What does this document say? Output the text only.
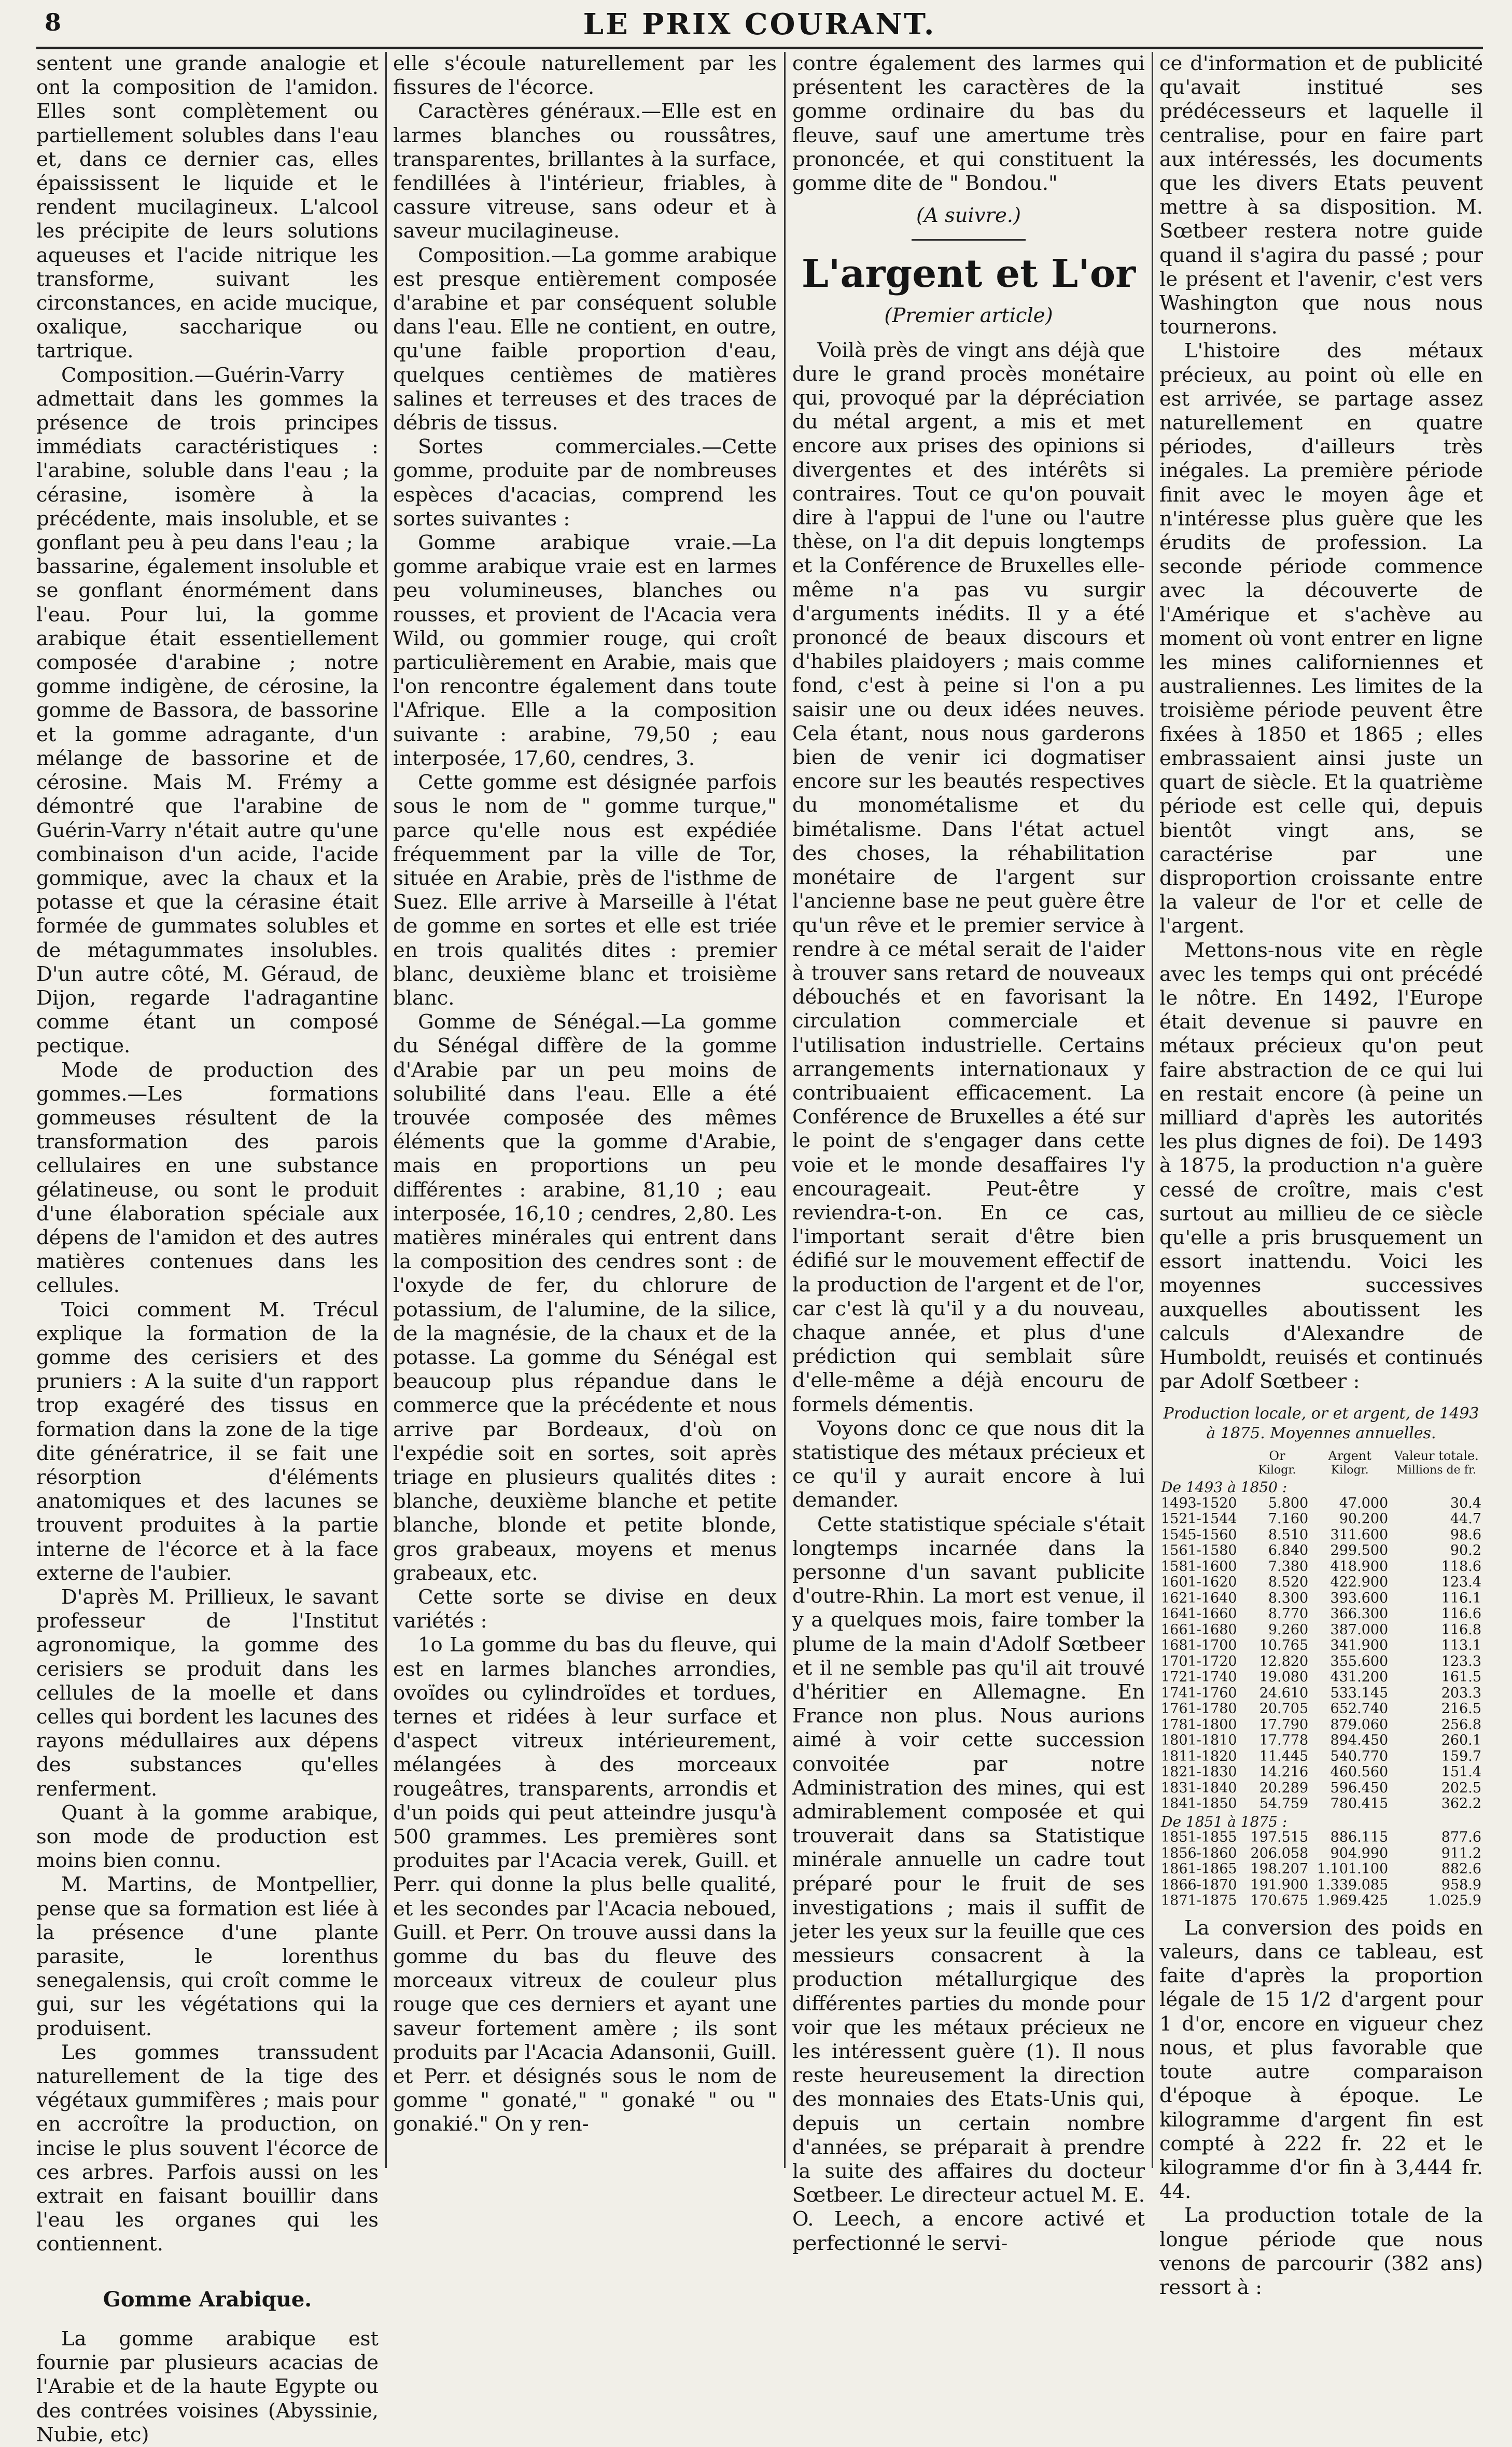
8	LE PRIX COURANT.

sentent une grande analogie et ont la composition de l'amidon. Elles sont complètement ou partiellement solubles dans l'eau et, dans ce dernier cas, elles épaississent le liquide et le rendent mucilagineux. L'alcool les précipite de leurs solutions aqueuses et l'acide nitrique les transforme, suivant les circonstances, en acide mucique, oxalique, saccharique ou tartrique.

Composition.—Guérin-Varry admettait dans les gommes la présence de trois principes immédiats caractéristiques : l'arabine, soluble dans l'eau ; la cérasine, isomère à la précédente, mais insoluble, et se gonflant peu à peu dans l'eau ; la bassarine, également insoluble et se gonflant énormément dans l'eau. Pour lui, la gomme arabique était essentiellement composée d'arabine ; notre gomme indigène, de cérosine, la gomme de Bassora, de bassorine et la gomme adragante, d'un mélange de bassorine et de cérosine. Mais M. Frémy a démontré que l'arabine de Guérin-Varry n'était autre qu'une combinaison d'un acide, l'acide gommique, avec la chaux et la potasse et que la cérasine était formée de gummates solubles et de métagummates insolubles. D'un autre côté, M. Géraud, de Dijon, regarde l'adragantine comme étant un composé pectique.

Mode de production des gommes.—Les formations gommeuses résultent de la transformation des parois cellulaires en une substance gélatineuse, ou sont le produit d'une élaboration spéciale aux dépens de l'amidon et des autres matières contenues dans les cellules.

Toici comment M. Trécul explique la formation de la gomme des cerisiers et des pruniers : A la suite d'un rapport trop exagéré des tissus en formation dans la zone de la tige dite génératrice, il se fait une résorption d'éléments anatomiques et des lacunes se trouvent produites à la partie interne de l'écorce et à la face externe de l'aubier.

D'après M. Prillieux, le savant professeur de l'Institut agronomique, la gomme des cerisiers se produit dans les cellules de la moelle et dans celles qui bordent les lacunes des rayons médullaires aux dépens des substances qu'elles renferment.

Quant à la gomme arabique, son mode de production est moins bien connu.

M. Martins, de Montpellier, pense que sa formation est liée à la présence d'une plante parasite, le lorenthus senegalensis, qui croît comme le gui, sur les végétations qui la produisent.

Les gommes transsudent naturellement de la tige des végétaux gummifères ; mais pour en accroître la production, on incise le plus souvent l'écorce de ces arbres. Parfois aussi on les extrait en faisant bouillir dans l'eau les organes qui les contiennent.

Gomme Arabique.

La gomme arabique est fournie par plusieurs acacias de l'Arabie et de la haute Egypte ou des contrées voisines (Abyssinie, Nubie, etc)

elle s'écoule naturellement par les fissures de l'écorce.

Caractères généraux.—Elle est en larmes blanches ou roussâtres, transparentes, brillantes à la surface, fendillées à l'intérieur, friables, à cassure vitreuse, sans odeur et à saveur mucilagineuse.

Composition.—La gomme arabique est presque entièrement composée d'arabine et par conséquent soluble dans l'eau. Elle ne contient, en outre, qu'une faible proportion d'eau, quelques centièmes de matières salines et terreuses et des traces de débris de tissus.

Sortes commerciales.—Cette gomme, produite par de nombreuses espèces d'acacias, comprend les sortes suivantes :

Gomme arabique vraie.—La gomme arabique vraie est en larmes peu volumineuses, blanches ou rousses, et provient de l'Acacia vera Wild, ou gommier rouge, qui croît particulièrement en Arabie, mais que l'on rencontre également dans toute l'Afrique. Elle a la composition suivante : arabine, 79,50 ; eau interposée, 17,60, cendres, 3.

Cette gomme est désignée parfois sous le nom de " gomme turque," parce qu'elle nous est expédiée fréquemment par la ville de Tor, située en Arabie, près de l'isthme de Suez. Elle arrive à Marseille à l'état de gomme en sortes et elle est triée en trois qualités dites : premier blanc, deuxième blanc et troisième blanc.

Gomme de Sénégal.—La gomme du Sénégal diffère de la gomme d'Arabie par un peu moins de solubilité dans l'eau. Elle a été trouvée composée des mêmes éléments que la gomme d'Arabie, mais en proportions un peu différentes : arabine, 81,10 ; eau interposée, 16,10 ; cendres, 2,80. Les matières minérales qui entrent dans la composition des cendres sont : de l'oxyde de fer, du chlorure de potassium, de l'alumine, de la silice, de la magnésie, de la chaux et de la potasse. La gomme du Sénégal est beaucoup plus répandue dans le commerce que la précédente et nous arrive par Bordeaux, d'où on l'expédie soit en sortes, soit après triage en plusieurs qualités dites : blanche, deuxième blanche et petite blanche, blonde et petite blonde, gros grabeaux, moyens et menus grabeaux, etc.

Cette sorte se divise en deux variétés :

1o La gomme du bas du fleuve, qui est en larmes blanches arrondies, ovoïdes ou cylindroïdes et tordues, ternes et ridées à leur surface et d'aspect vitreux intérieurement, mélangées à des morceaux rougeâtres, transparents, arrondis et d'un poids qui peut atteindre jusqu'à 500 grammes. Les premières sont produites par l'Acacia verek, Guill. et Perr. qui donne la plus belle qualité, et les secondes par l'Acacia neboued, Guill. et Perr. On trouve aussi dans la gomme du bas du fleuve des morceaux vitreux de couleur plus rouge que ces derniers et ayant une saveur fortement amère ; ils sont produits par l'Acacia Adansonii, Guill. et Perr. et désignés sous le nom de gomme " gonaté," " gonaké " ou " gonakié." On y ren-

contre également des larmes qui présentent les caractères de la gomme ordinaire du bas du fleuve, sauf une amertume très prononcée, et qui constituent la gomme dite de " Bondou."

(A suivre.)
L'argent et L'or
(Premier article)

Voilà près de vingt ans déjà que dure le grand procès monétaire qui, provoqué par la dépréciation du métal argent, a mis et met encore aux prises des opinions si divergentes et des intérêts si contraires. Tout ce qu'on pouvait dire à l'appui de l'une ou l'autre thèse, on l'a dit depuis longtemps et la Conférence de Bruxelles elle-même n'a pas vu surgir d'arguments inédits. Il y a été prononcé de beaux discours et d'habiles plaidoyers ; mais comme fond, c'est à peine si l'on a pu saisir une ou deux idées neuves. Cela étant, nous nous garderons bien de venir ici dogmatiser encore sur les beautés respectives du monométalisme et du bimétalisme. Dans l'état actuel des choses, la réhabilitation monétaire de l'argent sur l'ancienne base ne peut guère être qu'un rêve et le premier service à rendre à ce métal serait de l'aider à trouver sans retard de nouveaux débouchés et en favorisant la circulation commerciale et l'utilisation industrielle. Certains arrangements internationaux y contribuaient efficacement. La Conférence de Bruxelles a été sur le point de s'engager dans cette voie et le monde desaffaires l'y encourageait. Peut-être y reviendra-t-on. En ce cas, l'important serait d'être bien édifié sur le mouvement effectif de la production de l'argent et de l'or, car c'est là qu'il y a du nouveau, chaque année, et plus d'une prédiction qui semblait sûre d'elle-même a déjà encouru de formels démentis.

Voyons donc ce que nous dit la statistique des métaux précieux et ce qu'il y aurait encore à lui demander.

Cette statistique spéciale s'était longtemps incarnée dans la personne d'un savant publicite d'outre-Rhin. La mort est venue, il y a quelques mois, faire tomber la plume de la main d'Adolf Sœtbeer et il ne semble pas qu'il ait trouvé d'héritier en Allemagne. En France non plus. Nous aurions aimé à voir cette succession convoitée par notre Administration des mines, qui est admirablement composée et qui trouverait dans sa Statistique minérale annuelle un cadre tout préparé pour le fruit de ses investigations ; mais il suffit de jeter les yeux sur la feuille que ces messieurs consacrent à la production métallurgique des différentes parties du monde pour voir que les métaux précieux ne les intéressent guère (1). Il nous reste heureusement la direction des monnaies des Etats-Unis qui, depuis un certain nombre d'années, se préparait à prendre la suite des affaires du docteur Sœtbeer. Le directeur actuel M. E. O. Leech, a encore activé et perfectionné le servi-

ce d'information et de publicité qu'avait institué ses prédécesseurs et laquelle il centralise, pour en faire part aux intéressés, les documents que les divers Etats peuvent mettre à sa disposition. M. Sœtbeer restera notre guide quand il s'agira du passé ; pour le présent et l'avenir, c'est vers Washington que nous nous tournerons.

L'histoire des métaux précieux, au point où elle en est arrivée, se partage assez naturellement en quatre périodes, d'ailleurs très inégales. La première période finit avec le moyen âge et n'intéresse plus guère que les érudits de profession. La seconde période commence avec la découverte de l'Amérique et s'achève au moment où vont entrer en ligne les mines californiennes et australiennes. Les limites de la troisième période peuvent être fixées à 1850 et 1865 ; elles embrassaient ainsi juste un quart de siècle. Et la quatrième période est celle qui, depuis bientôt vingt ans, se caractérise par une disproportion croissante entre la valeur de l'or et celle de l'argent.

Mettons-nous vite en règle avec les temps qui ont précédé le nôtre. En 1492, l'Europe était devenue si pauvre en métaux précieux qu'on peut faire abstraction de ce qui lui en restait encore (à peine un milliard d'après les autorités les plus dignes de foi). De 1493 à 1875, la production n'a guère cessé de croître, mais c'est surtout au millieu de ce siècle qu'elle a pris brusquement un essort inattendu. Voici les moyennes successives auxquelles aboutissent les calculs d'Alexandre de Humboldt, reuisés et continués par Adolf Sœtbeer :

Production locale, or et argent, de 1493 à 1875. Moyennes annuelles.
	Or	Argent	Valeur totale.
	Kilogr.	Kilogr.	Millions de fr.
De 1493 à 1850 :			
1493-1520	5.800	47.000	30.4
1521-1544	7.160	90.200	44.7
1545-1560	8.510	311.600	98.6
1561-1580	6.840	299.500	90.2
1581-1600	7.380	418.900	118.6
1601-1620	8.520	422.900	123.4
1621-1640	8.300	393.600	116.1
1641-1660	8.770	366.300	116.6
1661-1680	9.260	387.000	116.8
1681-1700	10.765	341.900	113.1
1701-1720	12.820	355.600	123.3
1721-1740	19.080	431.200	161.5
1741-1760	24.610	533.145	203.3
1761-1780	20.705	652.740	216.5
1781-1800	17.790	879.060	256.8
1801-1810	17.778	894.450	260.1
1811-1820	11.445	540.770	159.7
1821-1830	14.216	460.560	151.4
1831-1840	20.289	596.450	202.5
1841-1850	54.759	780.415	362.2
De 1851 à 1875 :			
1851-1855	197.515	886.115	877.6
1856-1860	206.058	904.990	911.2
1861-1865	198.207	1.101.100	882.6
1866-1870	191.900	1.339.085	958.9
1871-1875	170.675	1.969.425	1.025.9

La conversion des poids en valeurs, dans ce tableau, est faite d'après la proportion légale de 15 1/2 d'argent pour 1 d'or, encore en vigueur chez nous, et plus favorable que toute autre comparaison d'époque à époque. Le kilogramme d'argent fin est compté à 222 fr. 22 et le kilogramme d'or fin à 3,444 fr. 44.

La production totale de la longue période que nous venons de parcourir (382 ans) ressort à :
